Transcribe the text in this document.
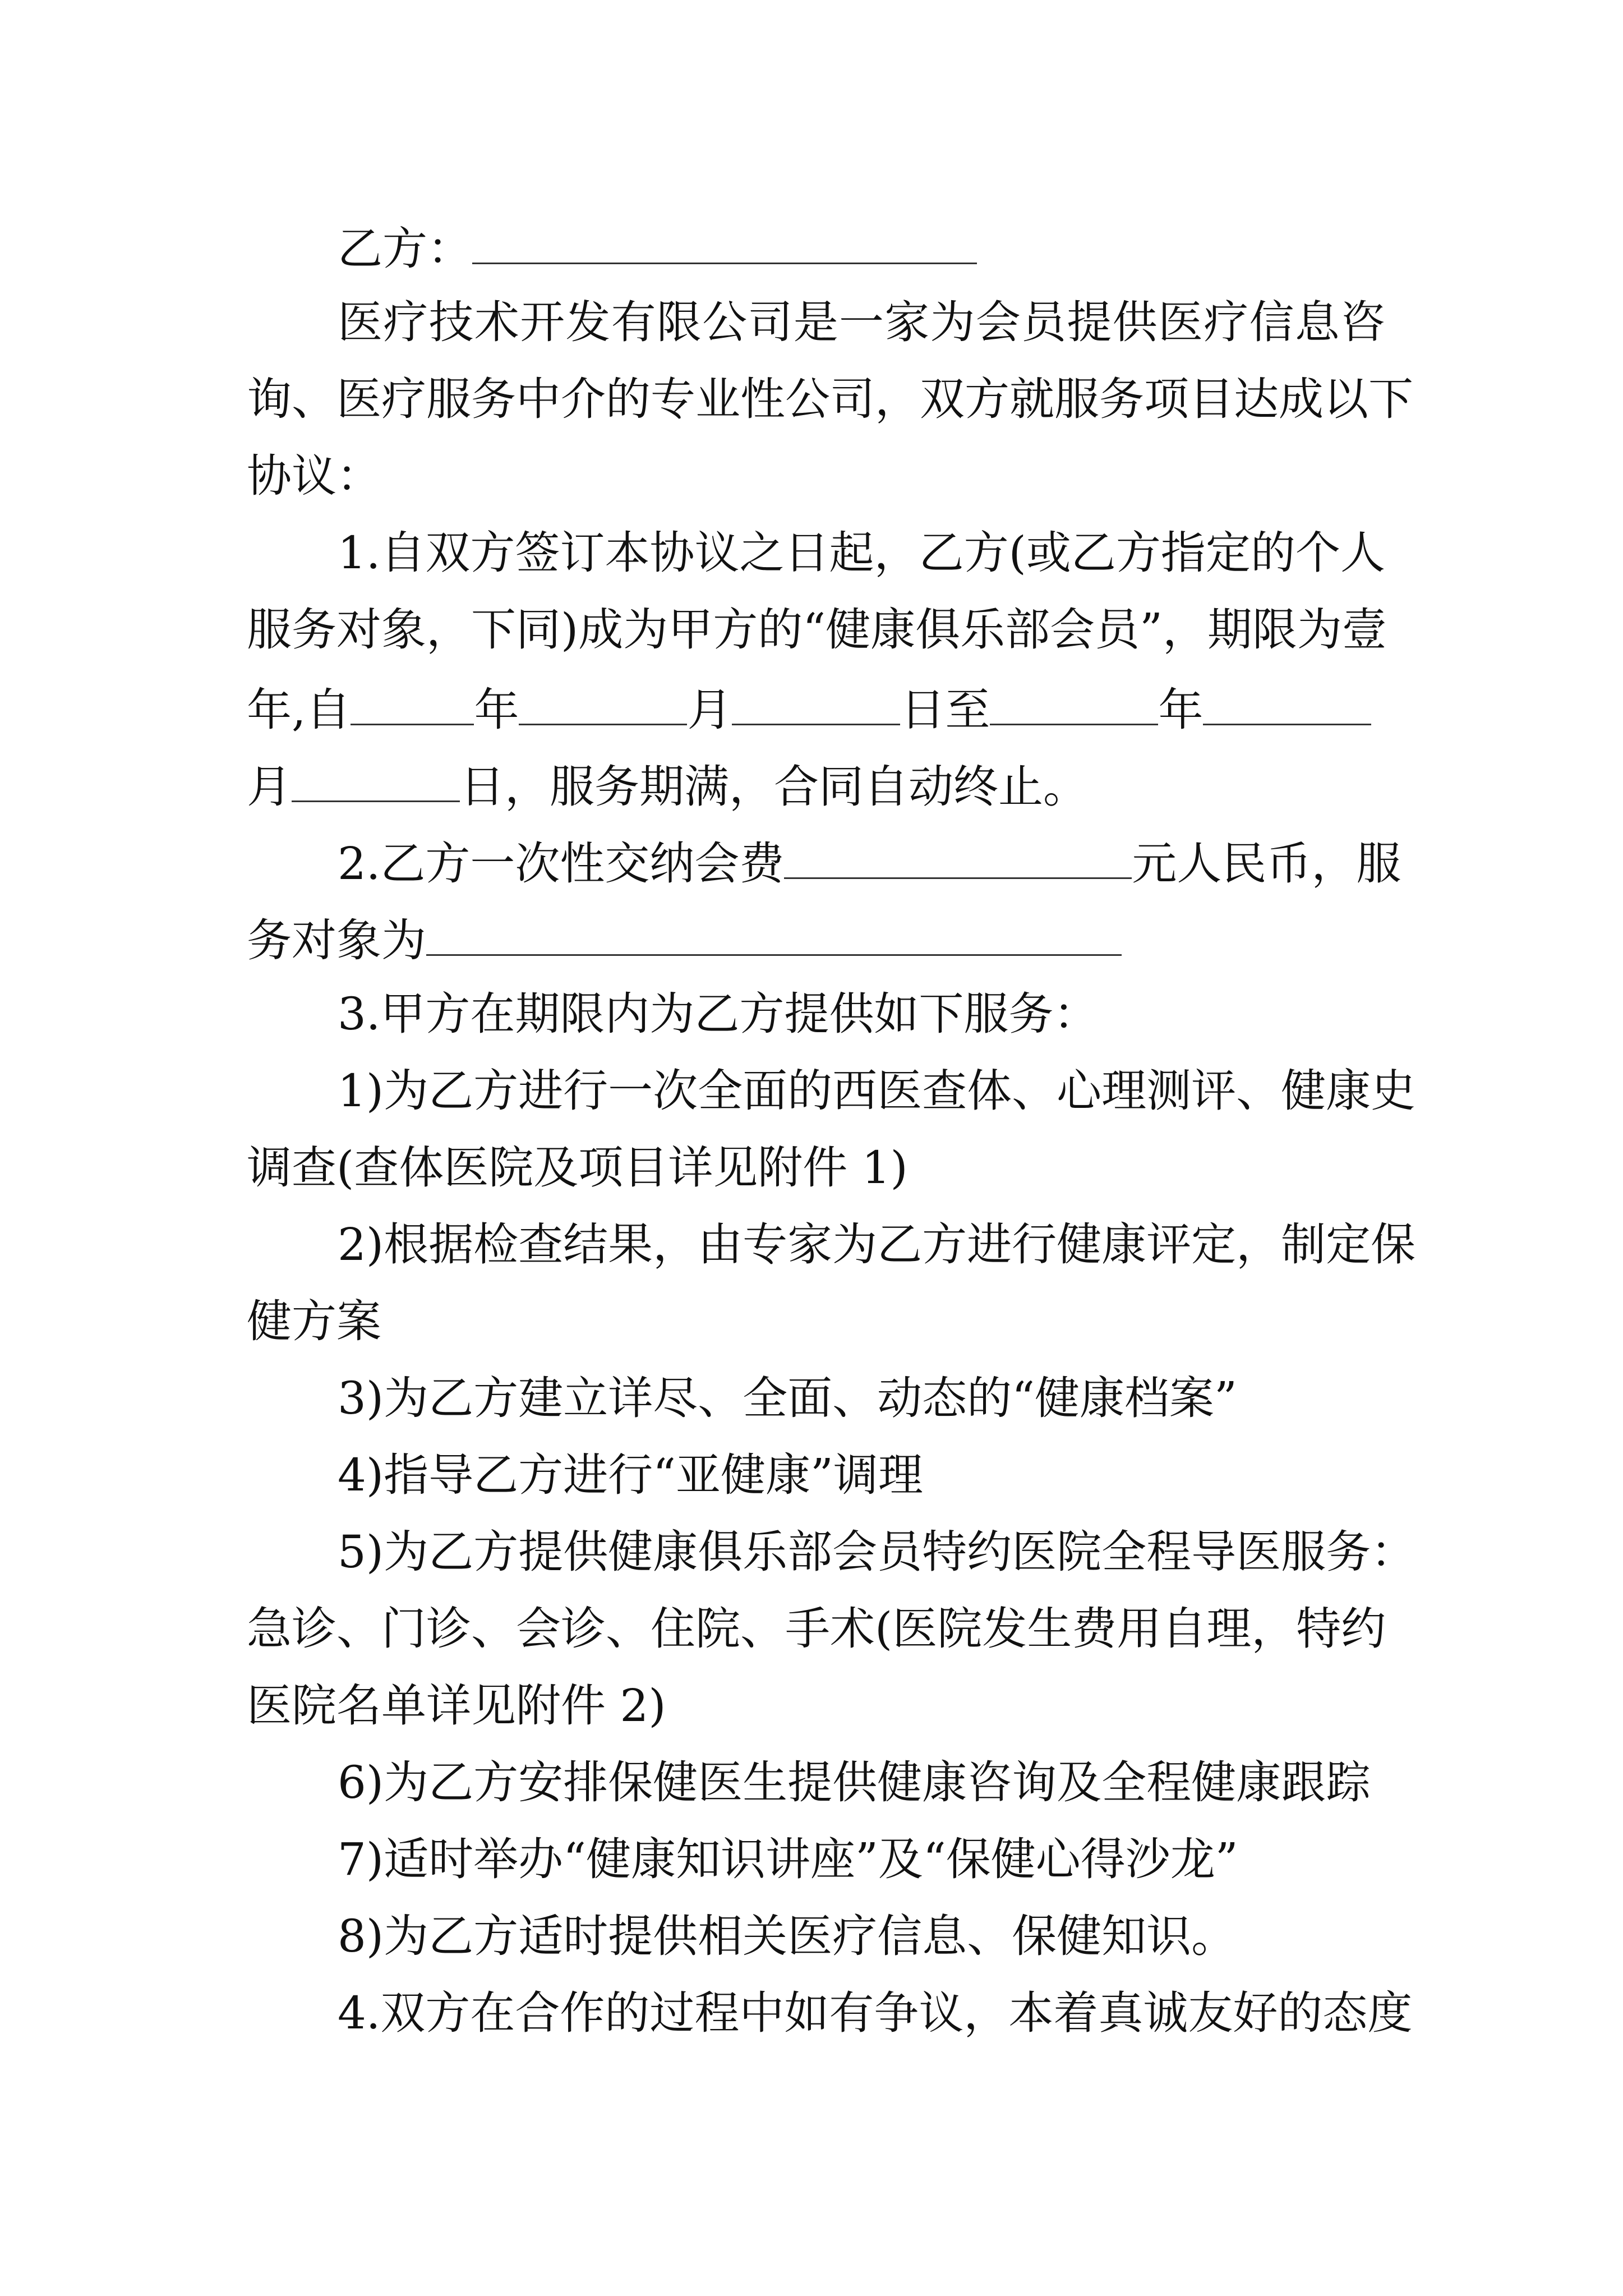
乙方：
医疗技术开发有限公司是一家为会员提供医疗信息咨
询、医疗服务中介的专业性公司，双方就服务项目达成以下
协议：
1.自双方签订本协议之日起，乙方(或乙方指定的个人
服务对象，下同)成为甲方的“健康俱乐部会员”，期限为壹
年,自	年	月	日至	年
月	日，服务期满，合同自动终止。
2.乙方一次性交纳会费	元人民币，服
务对象为
3.甲方在期限内为乙方提供如下服务：
1)为乙方进行一次全面的西医查体、心理测评、健康史
调查(查体医院及项目详见附件 1)
2)根据检查结果，由专家为乙方进行健康评定，制定保
健方案
3)为乙方建立详尽、全面、动态的“健康档案”
4)指导乙方进行“亚健康”调理
5)为乙方提供健康俱乐部会员特约医院全程导医服务：
急诊、门诊、会诊、住院、手术(医院发生费用自理，特约
医院名单详见附件 2)
6)为乙方安排保健医生提供健康咨询及全程健康跟踪
7)适时举办“健康知识讲座”及“保健心得沙龙”
8)为乙方适时提供相关医疗信息、保健知识。
4.双方在合作的过程中如有争议，本着真诚友好的态度
